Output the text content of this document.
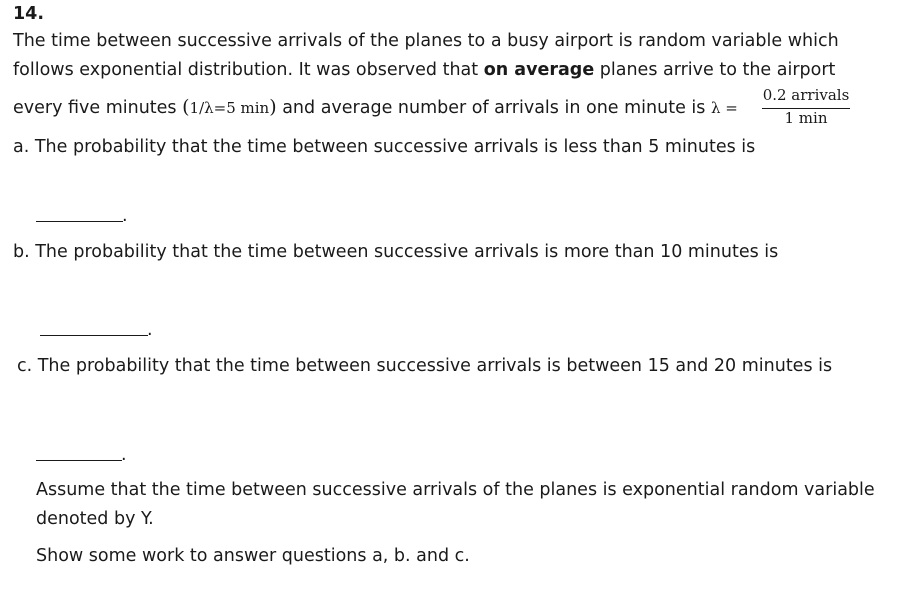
14.
The time between successive arrivals of the planes to a busy airport is random variable which
follows exponential distribution. It was observed that on average planes arrive to the airport
every five minutes (1/λ=5 min) and average number of arrivals in one minute is λ =
0.2 arrivals
1 min
a. The probability that the time between successive arrivals is less than 5 minutes is
.
b. The probability that the time between successive arrivals is more than 10 minutes is
.
c. The probability that the time between successive arrivals is between 15 and 20 minutes is
.
Assume that the time between successive arrivals of the planes is exponential random variable
denoted by Y.
Show some work to answer questions a, b. and c.
